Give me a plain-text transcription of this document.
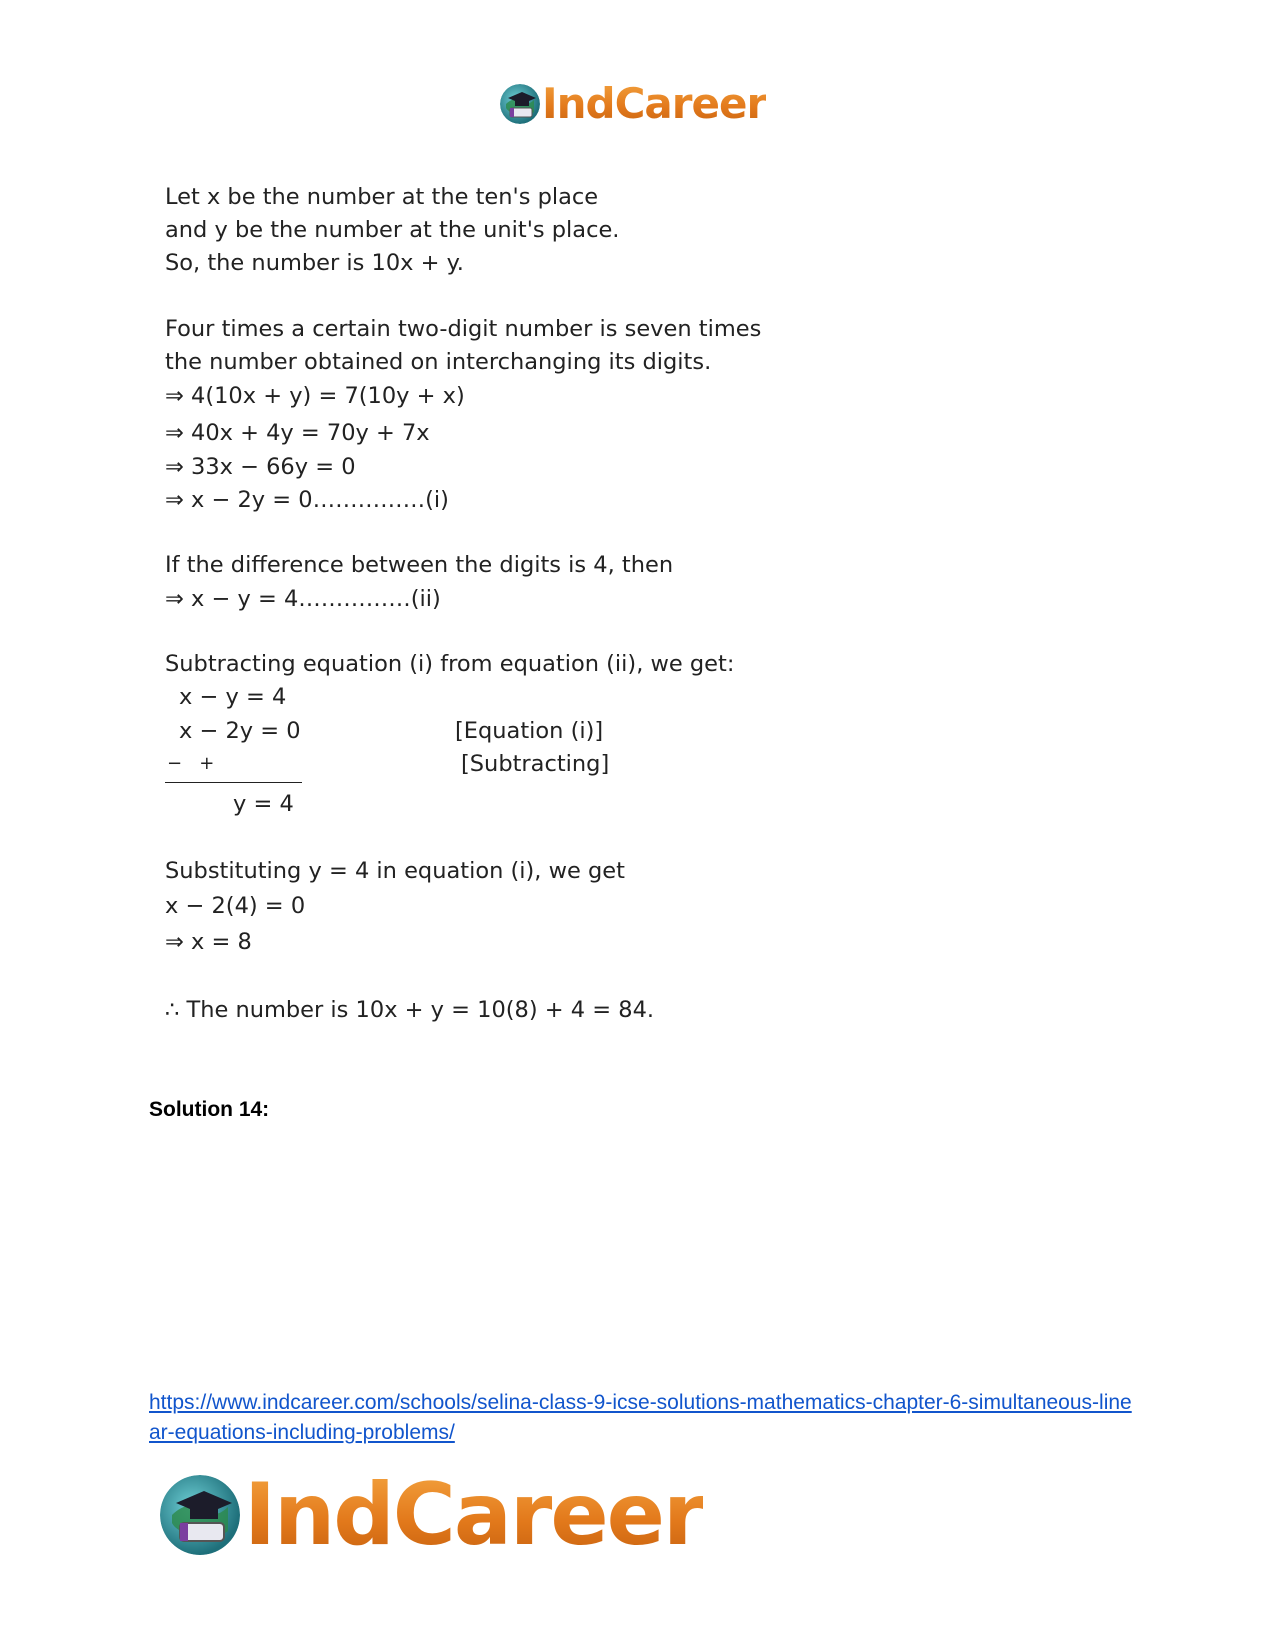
IndCareer
Let x be the number at the ten's place
and y be the number at the unit's place.
So, the number is 10x + y.
Four times a certain two-digit number is seven times
the number obtained on interchanging its digits.
⇒ 4(10x + y) = 7(10y + x)
⇒ 40x + 4y = 70y + 7x
⇒ 33x − 66y = 0
⇒ x − 2y = 0……………(i)
If the difference between the digits is 4, then
⇒ x − y = 4……………(ii)
Subtracting equation (i) from equation (ii), we get:
x − y = 4
x − 2y = 0	[Equation (i)]
−   +	[Subtracting]
y = 4
Substituting y = 4 in equation (i), we get
x − 2(4) = 0
⇒ x = 8
∴ The number is 10x + y = 10(8) + 4 = 84.
Solution 14:
https://www.indcareer.com/schools/selina-class-9-icse-solutions-mathematics-chapter-6-simultaneous-linear-equations-including-problems/
IndCareer
